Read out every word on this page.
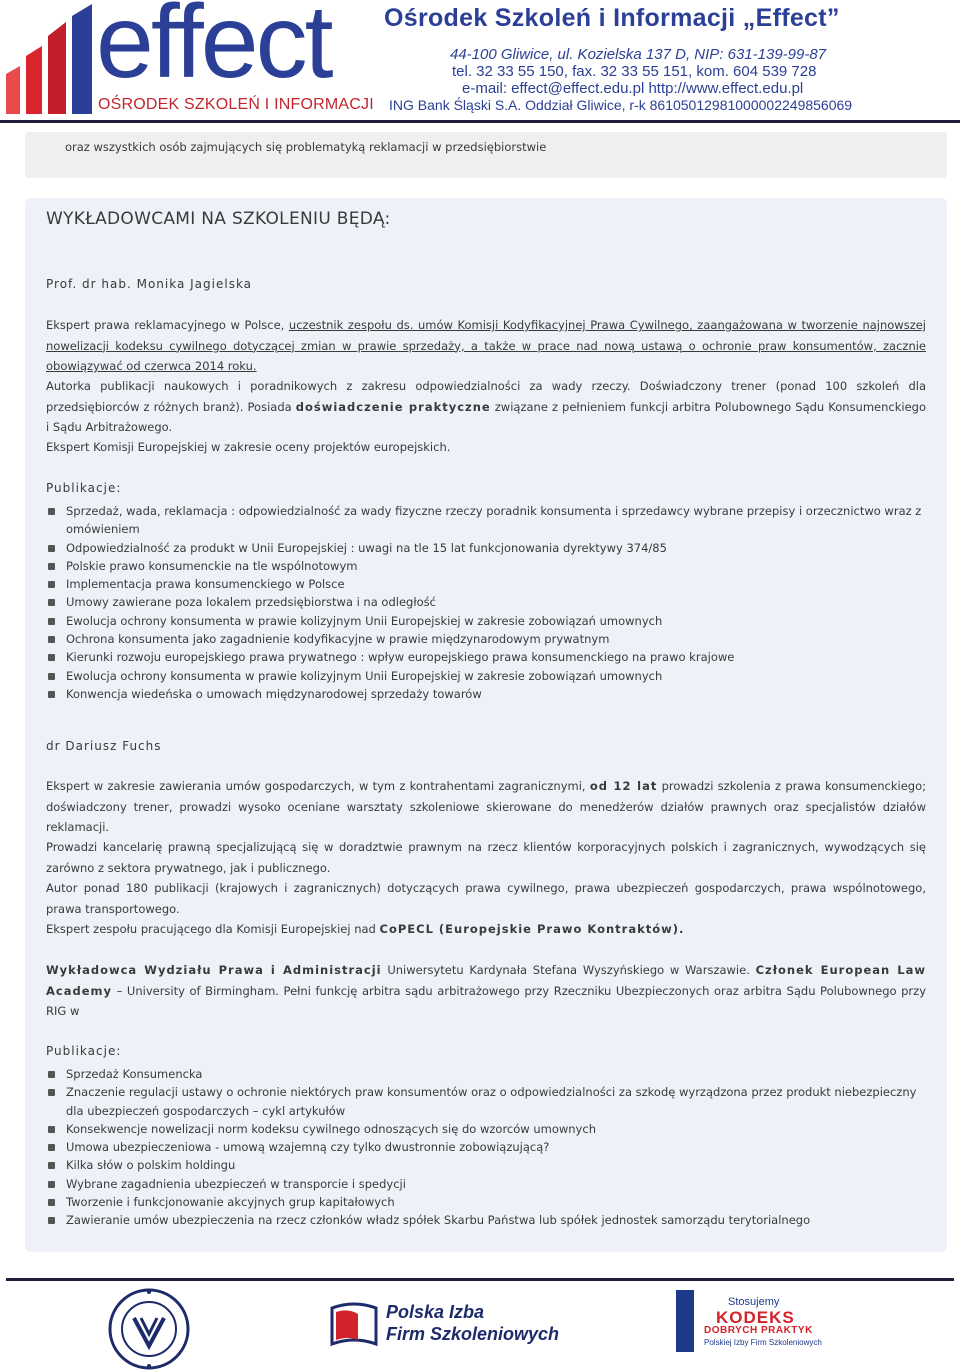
effect
OŚRODEK SZKOLEŃ I INFORMACJI
Ośrodek Szkoleń i Informacji „Effect”
44-100 Gliwice, ul. Kozielska 137 D, NIP: 631-139-99-87
tel. 32 33 55 150, fax. 32 33 55 151, kom. 604 539 728
e-mail: effect@effect.edu.pl http://www.effect.edu.pl
ING Bank Śląski S.A. Oddział Gliwice, r-k 86105012981000002249856069
oraz wszystkich osób zajmujących się problematyką reklamacji w przedsiębiorstwie
WYKŁADOWCAMI NA SZKOLENIU BĘDĄ:
Prof. dr hab. Monika Jagielska
Ekspert prawa reklamacyjnego w Polsce, uczestnik zespołu ds. umów Komisji Kodyfikacyjnej Prawa Cywilnego, zaangażowana w tworzenie najnowszej nowelizacji kodeksu cywilnego dotyczącej zmian w prawie sprzedaży, a także w prace nad nową ustawą o ochronie praw konsumentów, zacznie obowiązywać od czerwca 2014 roku.
Autorka publikacji naukowych i poradnikowych z zakresu odpowiedzialności za wady rzeczy. Doświadczony trener (ponad 100 szkoleń dla przedsiębiorców z różnych branż). Posiada doświadczenie praktyczne związane z pełnieniem funkcji arbitra Polubownego Sądu Konsumenckiego i Sądu Arbitrażowego.
Ekspert Komisji Europejskiej w zakresie oceny projektów europejskich.
Publikacje:
Sprzedaż, wada, reklamacja : odpowiedzialność za wady fizyczne rzeczy poradnik konsumenta i sprzedawcy wybrane przepisy i orzecznictwo wraz z omówieniem
Odpowiedzialność za produkt w Unii Europejskiej : uwagi na tle 15 lat funkcjonowania dyrektywy 374/85
Polskie prawo konsumenckie na tle wspólnotowym
Implementacja prawa konsumenckiego w Polsce
Umowy zawierane poza lokalem przedsiębiorstwa i na odległość
Ewolucja ochrony konsumenta w prawie kolizyjnym Unii Europejskiej w zakresie zobowiązań umownych
Ochrona konsumenta jako zagadnienie kodyfikacyjne w prawie międzynarodowym prywatnym
Kierunki rozwoju europejskiego prawa prywatnego : wpływ europejskiego prawa konsumenckiego na prawo krajowe
Ewolucja ochrony konsumenta w prawie kolizyjnym Unii Europejskiej w zakresie zobowiązań umownych
Konwencja wiedeńska o umowach międzynarodowej sprzedaży towarów
dr Dariusz Fuchs
Ekspert w zakresie zawierania umów gospodarczych, w tym z kontrahentami zagranicznymi, od 12 lat prowadzi szkolenia z prawa konsumenckiego; doświadczony trener, prowadzi wysoko oceniane warsztaty szkoleniowe skierowane do menedżerów działów prawnych oraz specjalistów działów reklamacji.
Prowadzi kancelarię prawną specjalizującą się w doradztwie prawnym na rzecz klientów korporacyjnych polskich i zagranicznych, wywodzących się zarówno z sektora prywatnego, jak i publicznego.
Autor ponad 180 publikacji (krajowych i zagranicznych) dotyczących prawa cywilnego, prawa ubezpieczeń gospodarczych, prawa wspólnotowego, prawa transportowego.
Ekspert zespołu pracującego dla Komisji Europejskiej nad CoPECL (Europejskie Prawo Kontraktów).
Wykładowca Wydziału Prawa i Administracji Uniwersytetu Kardynała Stefana Wyszyńskiego w Warszawie. Członek European Law Academy – University of Birmingham. Pełni funkcję arbitra sądu arbitrażowego przy Rzeczniku Ubezpieczonych oraz arbitra Sądu Polubownego przy RIG w
Publikacje:
Sprzedaż Konsumencka
Znaczenie regulacji ustawy o ochronie niektórych praw konsumentów oraz o odpowiedzialności za szkodę wyrządzona przez produkt niebezpieczny dla ubezpieczeń gospodarczych – cykl artykułów
Konsekwencje nowelizacji norm kodeksu cywilnego odnoszących się do wzorców umownych
Umowa ubezpieczeniowa - umową wzajemną czy tylko dwustronnie zobowiązującą?
Kilka słów o polskim holdingu
Wybrane zagadnienia ubezpieczeń w transporcie i spedycji
Tworzenie i funkcjonowanie akcyjnych grup kapitałowych
Zawieranie umów ubezpieczenia na rzecz członków władz spółek Skarbu Państwa lub spółek jednostek samorządu terytorialnego
Polska Izba
Firm Szkoleniowych
Stosujemy
KODEKS
DOBRYCH PRAKTYK
Polskiej Izby Firm Szkoleniowych
